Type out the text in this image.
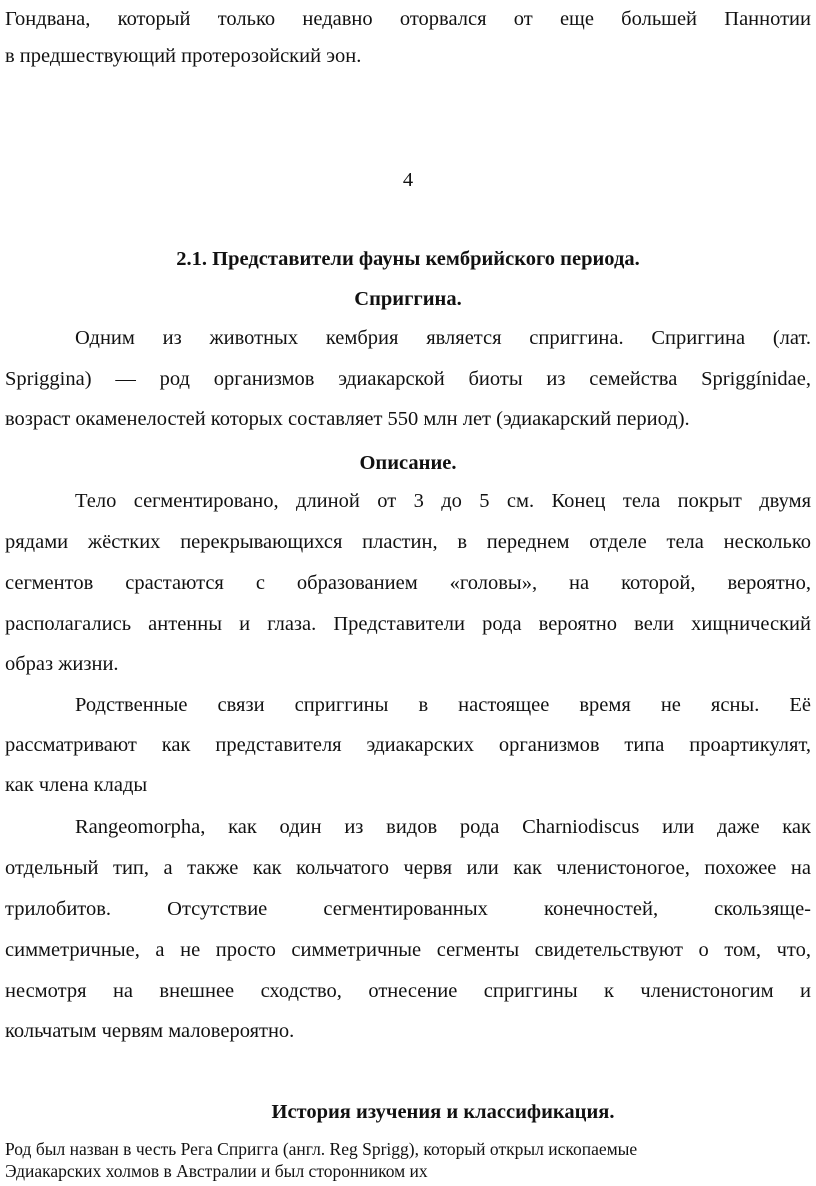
Гондвана, который только недавно оторвался от еще большей Паннотии
в предшествующий протерозойский эон.
4
2.1. Представители фауны кембрийского периода.
Сприггина.
Одним из животных кембрия является сприггина. Сприггина (лат.
Spriggina) — род организмов эдиакарской биоты из семейства Spriggínidae,
возраст окаменелостей которых составляет 550 млн лет (эдиакарский период).
Описание.
Тело сегментировано, длиной от 3 до 5 см. Конец тела покрыт двумя
рядами жёстких перекрывающихся пластин, в переднем отделе тела несколько
сегментов срастаются с образованием «головы», на которой, вероятно,
располагались антенны и глаза. Представители рода вероятно вели хищнический
образ жизни.
Родственные связи сприггины в настоящее время не ясны. Её
рассматривают как представителя эдиакарских организмов типа проартикулят,
как члена клады
Rangeomorpha, как один из видов рода Charniodiscus или даже как
отдельный тип, а также как кольчатого червя или как членистоногое, похожее на
трилобитов. Отсутствие сегментированных конечностей, скользяще-
симметричные, а не просто симметричные сегменты свидетельствуют о том, что,
несмотря на внешнее сходство, отнесение сприггины к членистоногим и
кольчатым червям маловероятно.
История изучения и классификация.
Род был назван в честь Рега Спригга (англ. Reg Sprigg), который открыл ископаемые
Эдиакарских холмов в Австралии и был сторонником их
